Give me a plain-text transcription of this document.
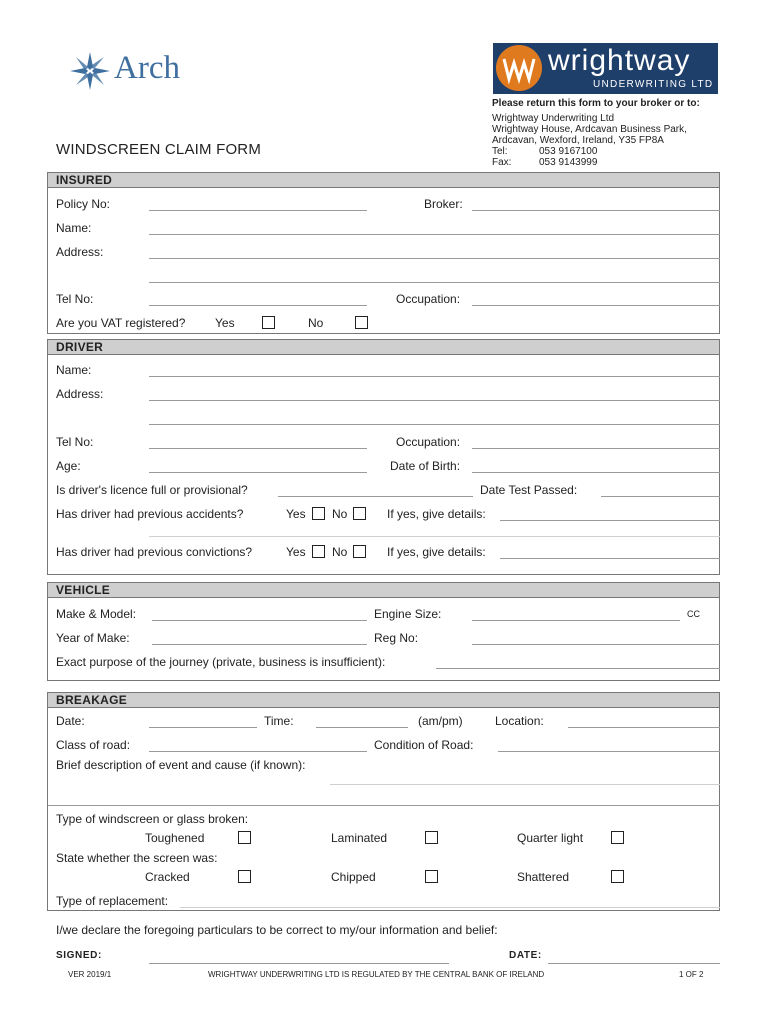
Arch	wrightway
UNDERWRITING LTD
Please return this form to your broker or to:
Wrightway Underwriting Ltd
Wrightway House, Ardcavan Business Park,
Ardcavan, Wexford, Ireland, Y35 FP8A
Tel:	053 9167100
Fax:	053 9143999
WINDSCREEN CLAIM FORM
INSURED
Policy No:	Broker:
Name:
Address:
Tel No:	Occupation:
Are you VAT registered? Yes	No
DRIVER
Name:
Address:
Tel No:	Occupation:
Age:	Date of Birth:
Is driver's licence full or provisional?	Date Test Passed:
Has driver had previous accidents?	Yes No	If yes, give details:
Has driver had previous convictions?	Yes No	If yes, give details:
VEHICLE
Make & Model:	Engine Size:	CC
Year of Make:	Reg No:
Exact purpose of the journey (private, business is insufficient):
BREAKAGE
Date:	Time:	(am/pm)	Location:
Class of road:	Condition of Road:
Brief description of event and cause (if known):
Type of windscreen or glass broken:
Toughened	Laminated	Quarter light
State whether the screen was:
Cracked	Chipped	Shattered
Type of replacement:
I/we declare the foregoing particulars to be correct to my/our information and belief:
SIGNED:	DATE:
VER 2019/1	WRIGHTWAY UNDERWRITING LTD IS REGULATED BY THE CENTRAL BANK OF IRELAND	1 OF 2
